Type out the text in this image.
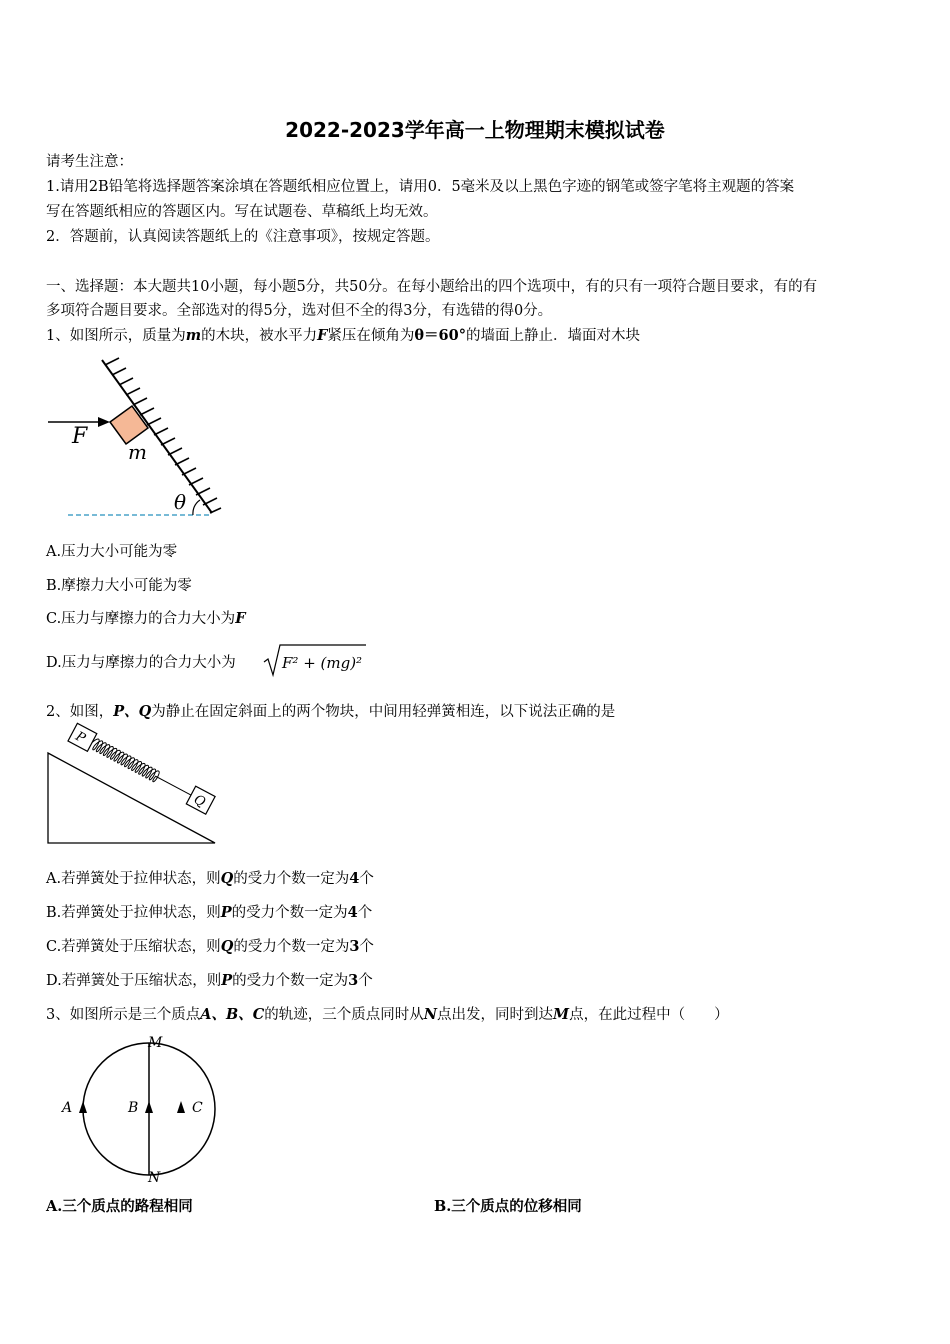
2022-2023学年高一上物理期末模拟试卷
请考生注意：
1.请用2B铅笔将选择题答案涂填在答题纸相应位置上，请用0．5毫米及以上黑色字迹的钢笔或签字笔将主观题的答案
写在答题纸相应的答题区内。写在试题卷、草稿纸上均无效。
2．答题前，认真阅读答题纸上的《注意事项》，按规定答题。
一、选择题：本大题共10小题，每小题5分，共50分。在每小题给出的四个选项中，有的只有一项符合题目要求，有的有
多项符合题目要求。全部选对的得5分，选对但不全的得3分，有选错的得0分。
1、如图所示，质量为m的木块，被水平力F紧压在倾角为θ＝60°的墙面上静止．墙面对木块
F
m
θ
A.压力大小可能为零
B.摩擦力大小可能为零
C.压力与摩擦力的合力大小为F
D.压力与摩擦力的合力大小为	F² + (mg)²
2、如图，P、Q为静止在固定斜面上的两个物块，中间用轻弹簧相连，以下说法正确的是
P
Q
A.若弹簧处于拉伸状态，则Q的受力个数一定为4个
B.若弹簧处于拉伸状态，则P的受力个数一定为4个
C.若弹簧处于压缩状态，则Q的受力个数一定为3个
D.若弹簧处于压缩状态，则P的受力个数一定为3个
3、如图所示是三个质点A、B、C的轨迹，三个质点同时从N点出发，同时到达M点，在此过程中（　　）
M
N
A	B	C
A.三个质点的路程相同	B.三个质点的位移相同
